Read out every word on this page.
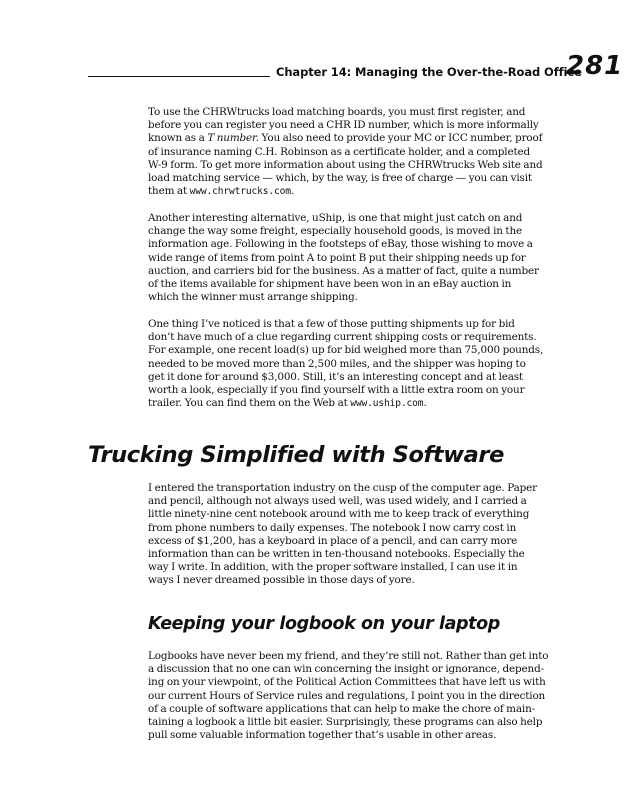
Chapter 14: Managing the Over-the-Road Office
281

To use the CHRWtrucks load matching boards, you must first register, and
before you can register you need a CHR ID number, which is more informally
known as a T number. You also need to provide your MC or ICC number, proof
of insurance naming C.H. Robinson as a certificate holder, and a completed
W-9 form. To get more information about using the CHRWtrucks Web site and
load matching service — which, by the way, is free of charge — you can visit
them at www.chrwtrucks.com.

Another interesting alternative, uShip, is one that might just catch on and
change the way some freight, especially household goods, is moved in the
information age. Following in the footsteps of eBay, those wishing to move a
wide range of items from point A to point B put their shipping needs up for
auction, and carriers bid for the business. As a matter of fact, quite a number
of the items available for shipment have been won in an eBay auction in
which the winner must arrange shipping.

One thing I’ve noticed is that a few of those putting shipments up for bid
don’t have much of a clue regarding current shipping costs or requirements.
For example, one recent load(s) up for bid weighed more than 75,000 pounds,
needed to be moved more than 2,500 miles, and the shipper was hoping to
get it done for around $3,000. Still, it’s an interesting concept and at least
worth a look, especially if you find yourself with a little extra room on your
trailer. You can find them on the Web at www.uship.com.

Trucking Simplified with Software

I entered the transportation industry on the cusp of the computer age. Paper
and pencil, although not always used well, was used widely, and I carried a
little ninety-nine cent notebook around with me to keep track of everything
from phone numbers to daily expenses. The notebook I now carry cost in
excess of $1,200, has a keyboard in place of a pencil, and can carry more
information than can be written in ten-thousand notebooks. Especially the
way I write. In addition, with the proper software installed, I can use it in
ways I never dreamed possible in those days of yore.

Keeping your logbook on your laptop

Logbooks have never been my friend, and they’re still not. Rather than get into
a discussion that no one can win concerning the insight or ignorance, depend-
ing on your viewpoint, of the Political Action Committees that have left us with
our current Hours of Service rules and regulations, I point you in the direction
of a couple of software applications that can help to make the chore of main-
taining a logbook a little bit easier. Surprisingly, these programs can also help
pull some valuable information together that’s usable in other areas.
